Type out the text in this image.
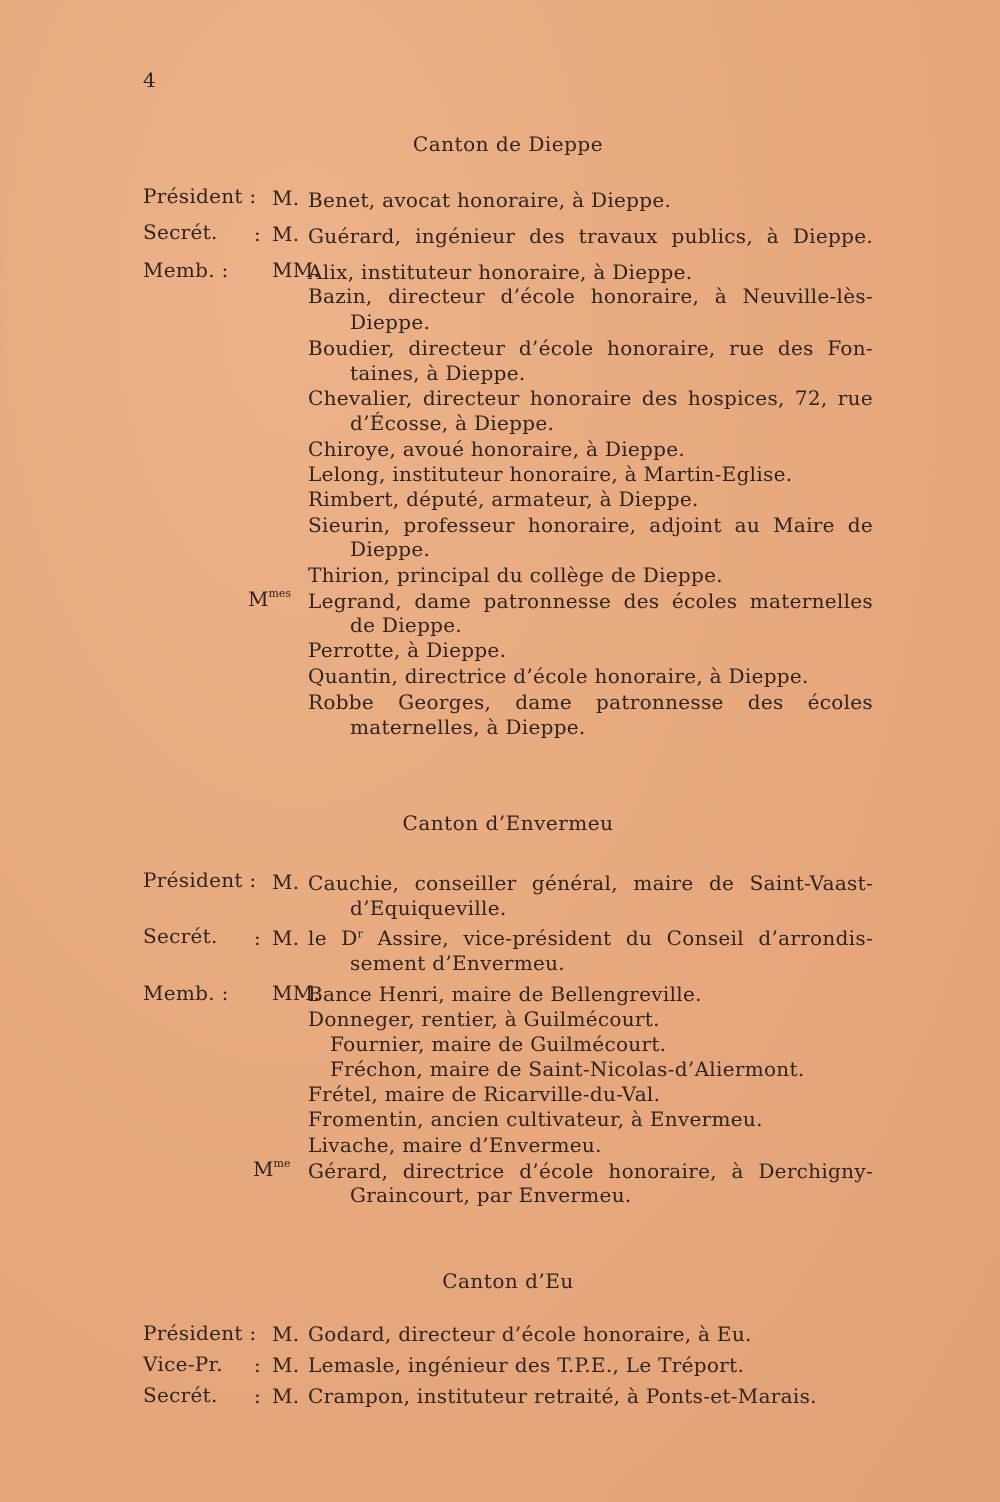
4
Canton de Dieppe
Président : M. Benet, avocat honoraire, à Dieppe.
Secrét. : M. Guérard, ingénieur des travaux publics, à Dieppe.
Memb. : MM.
Alix, instituteur honoraire, à Dieppe.
Bazin, directeur d’école honoraire, à Neuville-lès-
Dieppe.
Boudier, directeur d’école honoraire, rue des Fon-
taines, à Dieppe.
Chevalier, directeur honoraire des hospices, 72, rue
d’Écosse, à Dieppe.
Chiroye, avoué honoraire, à Dieppe.
Lelong, instituteur honoraire, à Martin-Eglise.
Rimbert, député, armateur, à Dieppe.
Sieurin, professeur honoraire, adjoint au Maire de
Dieppe.
Thirion, principal du collège de Dieppe.
$M^{mes}$ Legrand, dame patronnesse des écoles maternelles
de Dieppe.
Perrotte, à Dieppe.
Quantin, directrice d’école honoraire, à Dieppe.
Robbe Georges, dame patronnesse des écoles
maternelles, à Dieppe.
Canton d’Envermeu
Président : M. Cauchie, conseiller général, maire de Saint-Vaast-
d’Equiqueville.
Secrét. : M. le $D^r$ Assire, vice-président du Conseil d’arrondis-
sement d’Envermeu.
Memb. : MM.
Bance Henri, maire de Bellengreville.
Donneger, rentier, à Guilmécourt.
Fournier, maire de Guilmécourt.
Fréchon, maire de Saint-Nicolas-d’Aliermont.
Frétel, maire de Ricarville-du-Val.
Fromentin, ancien cultivateur, à Envermeu.
Livache, maire d’Envermeu.
$M^{me}$ Gérard, directrice d’école honoraire, à Derchigny-
Graincourt, par Envermeu.
Canton d’Eu
Président : M. Godard, directeur d’école honoraire, à Eu.
Vice-Pr. : M. Lemasle, ingénieur des T.P.E., Le Tréport.
Secrét. : M. Crampon, instituteur retraité, à Ponts-et-Marais.
